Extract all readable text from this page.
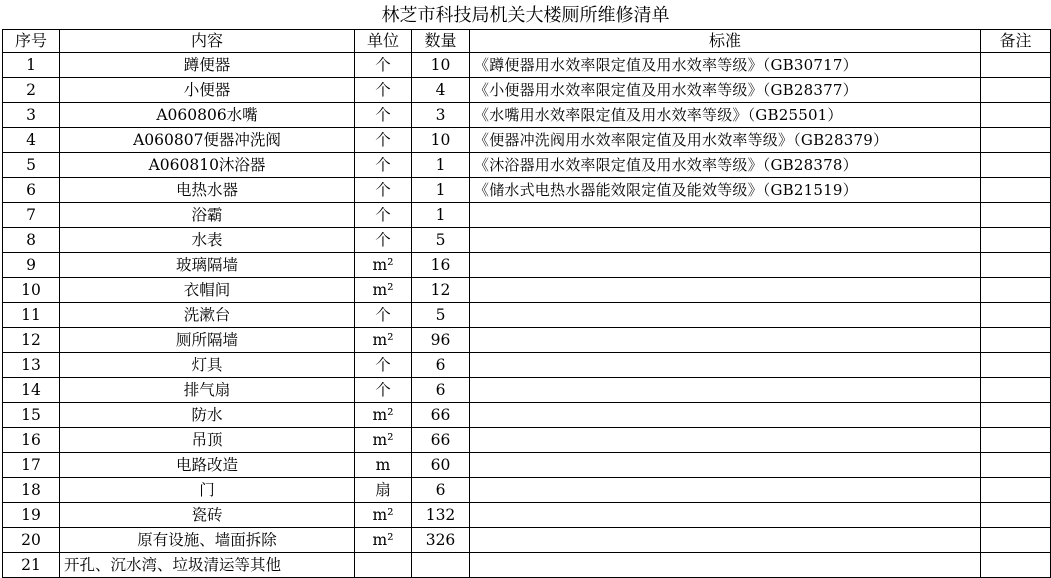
林芝市科技局机关大楼厕所维修清单
序号	内容	单位	数量	标准	备注
1	蹲便器	个	10	《蹲便器用水效率限定值及用水效率等级》（GB30717）	
2	小便器	个	4	《小便器用水效率限定值及用水效率等级》（GB28377）	
3	A060806水嘴	个	3	《水嘴用水效率限定值及用水效率等级》（GB25501）	
4	A060807便器冲洗阀	个	10	《便器冲洗阀用水效率限定值及用水效率等级》（GB28379）	
5	A060810沐浴器	个	1	《沐浴器用水效率限定值及用水效率等级》（GB28378）	
6	电热水器	个	1	《储水式电热水器能效限定值及能效等级》（GB21519）	
7	浴霸	个	1		
8	水表	个	5		
9	玻璃隔墙	m²	16		
10	衣帽间	m²	12		
11	洗漱台	个	5		
12	厕所隔墙	m²	96		
13	灯具	个	6		
14	排气扇	个	6		
15	防水	m²	66		
16	吊顶	m²	66		
17	电路改造	m	60		
18	门	扇	6		
19	瓷砖	m²	132		
20	原有设施、墙面拆除	m²	326		
21	开孔、沉水湾、垃圾清运等其他				
